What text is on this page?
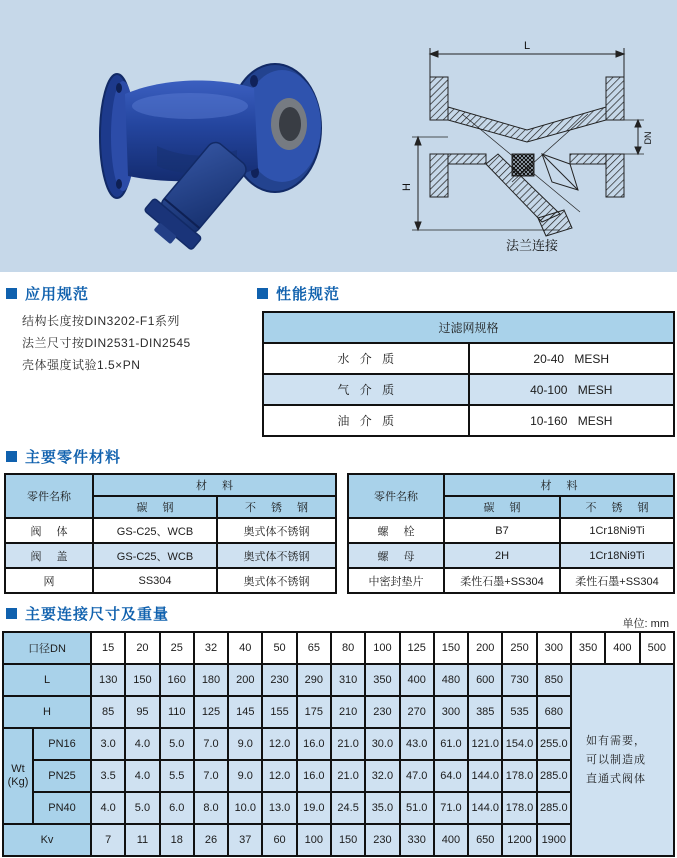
L
H
DN
法兰连接
应用规范
结构长度按DIN3202-F1系列
法兰尺寸按DIN2531-DIN2545
壳体强度试验1.5×PN
性能规范
过滤网规格	
水 介 质	20-40 MESH
气 介 质	40-100 MESH
油 介 质	10-160 MESH
主要零件材料
零件名称	材 料	
	碳 钢	不 锈 钢
阀 体	GS-C25、WCB	奥式体不锈钢
阀 盖	GS-C25、WCB	奥式体不锈钢
网	SS304	奥式体不锈钢
零件名称	材 料	
	碳 钢	不 锈 钢
螺 栓	B7	1Cr18Ni9Ti
螺 母	2H	1Cr18Ni9Ti
中密封垫片	柔性石墨+SS304	柔性石墨+SS304
主要连接尺寸及重量
单位: mm
口径DN		15	20	25	32	40	50	65	80	100	125	150	200	250	300	350	400	500
L		130	150	160	180	200	230	290	310	350	400	480	600	730	850	如有需要，
可以制造成
直通式阀体		

H		85	95	110	125	145	155	175	210	230	270	300	385	535	680			

Wt
(Kg)	PN16	3.0	4.0	5.0	7.0	9.0	12.0	16.0	21.0	30.0	43.0	61.0	121.0	154.0	255.0			
	PN25	3.5	4.0	5.5	7.0	9.0	12.0	16.0	21.0	32.0	47.0	64.0	144.0	178.0	285.0			
	PN40	4.0	5.0	6.0	8.0	10.0	13.0	19.0	24.5	35.0	51.0	71.0	144.0	178.0	285.0			
Kv		7	11	18	26	37	60	100	150	230	330	400	650	1200	1900			
